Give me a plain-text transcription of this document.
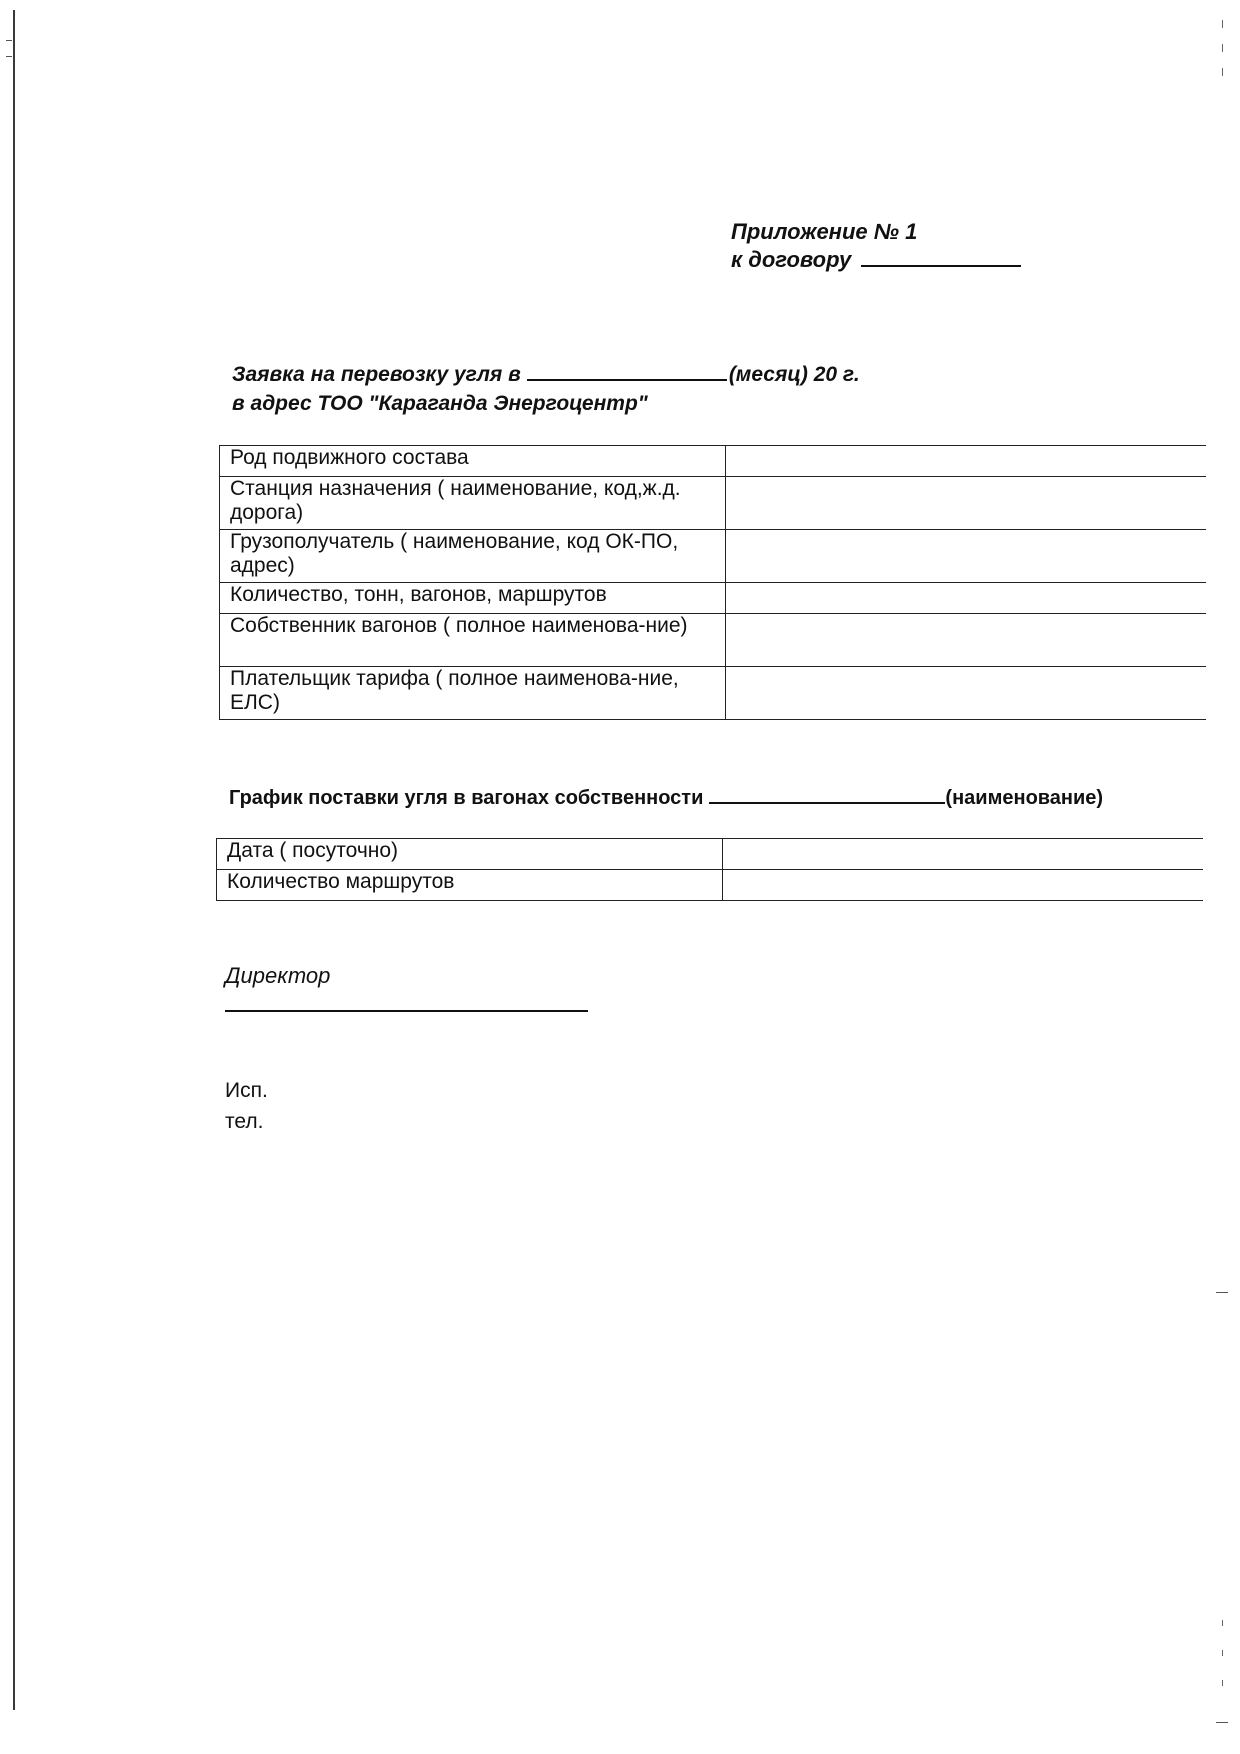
Приложение № 1
к договору
Заявка на перевозку угля в	(месяц) 20 г.
в адрес ТОО "Караганда Энергоцентр"
Род подвижного состава	
Станция назначения ( наименование, код,ж.д. дорога)	
Грузополучатель ( наименование, код ОК-ПО, адрес)	
Количество, тонн, вагонов, маршрутов	
Собственник вагонов ( полное наименова-ние)	
Плательщик тарифа ( полное наименова-ние, ЕЛС)	
График поставки угля в вагонах собственности	(наименование)
Дата ( посуточно)	
Количество маршрутов	
Директор
Исп.
тел.
